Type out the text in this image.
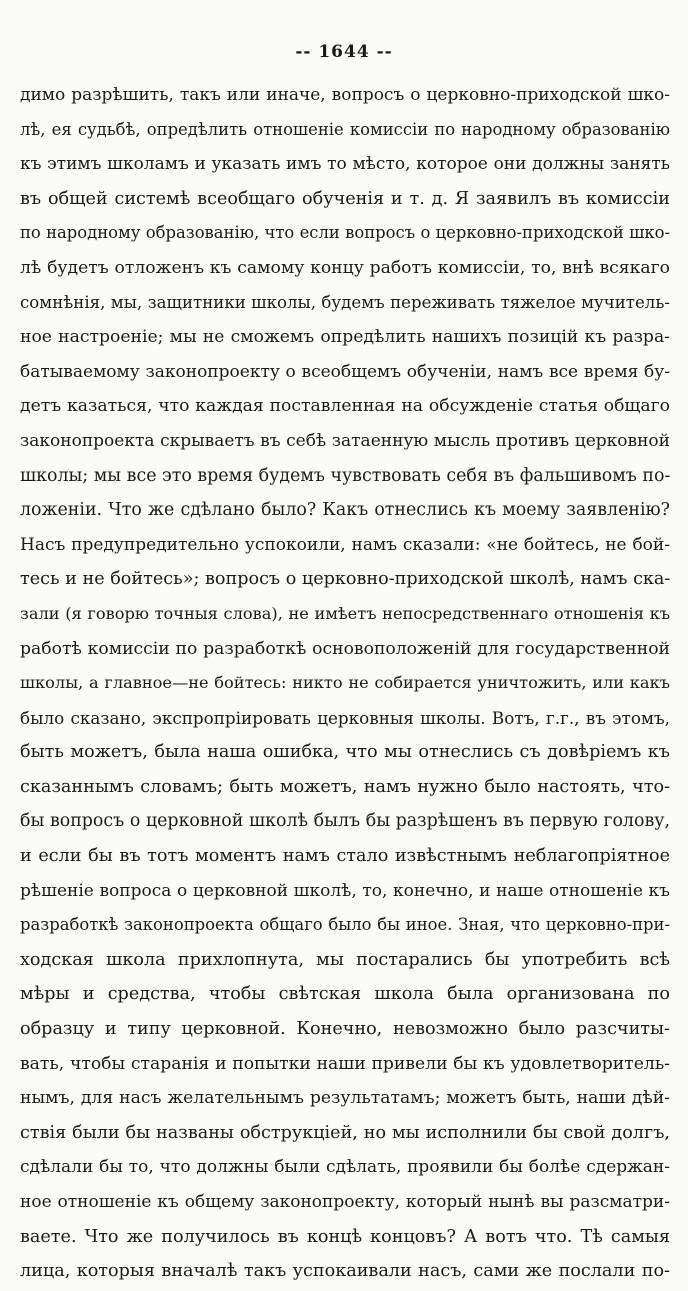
-- 1644 --
димо разрѣшить, такъ или иначе, вопросъ о церковно-приходской шко-
лѣ, ея судьбѣ, опредѣлить отношеніе комиссіи по народному образованію
къ этимъ школамъ и указать имъ то мѣсто, которое они должны занять
въ общей системѣ всеобщаго обученія и т. д. Я заявилъ въ комиссіи
по народному образованію, что если вопросъ о церковно-приходской шко-
лѣ будетъ отложенъ къ самому концу работъ комиссіи, то, внѣ всякаго
сомнѣнія, мы, защитники школы, будемъ переживать тяжелое мучитель-
ное настроеніе; мы не сможемъ опредѣлить нашихъ позицій къ разра-
батываемому законопроекту о всеобщемъ обученіи, намъ все время бу-
детъ казаться, что каждая поставленная на обсужденіе статья общаго
законопроекта скрываетъ въ себѣ затаенную мысль противъ церковной
школы; мы все это время будемъ чувствовать себя въ фальшивомъ по-
ложеніи. Что же сдѣлано было? Какъ отнеслись къ моему заявленію?
Насъ предупредительно успокоили, намъ сказали: «не бойтесь, не бой-
тесь и не бойтесь»; вопросъ о церковно-приходской школѣ, намъ ска-
зали (я говорю точныя слова), не имѣетъ непосредственнаго отношенія къ
работѣ комиссіи по разработкѣ основоположеній для государственной
школы, а главное—не бойтесь: никто не собирается уничтожить, или какъ
было сказано, экспропріировать церковныя школы. Вотъ, г.г., въ этомъ,
быть можетъ, была наша ошибка, что мы отнеслись съ довѣріемъ къ
сказаннымъ словамъ; быть можетъ, намъ нужно было настоять, что-
бы вопросъ о церковной школѣ былъ бы разрѣшенъ въ первую голову,
и если бы въ тотъ моментъ намъ стало извѣстнымъ неблагопріятное
рѣшеніе вопроса о церковной школѣ, то, конечно, и наше отношеніе къ
разработкѣ законопроекта общаго было бы иное. Зная, что церковно-при-
ходская школа прихлопнута, мы постарались бы употребить всѣ
мѣры и средства, чтобы свѣтская школа была организована по
образцу и типу церковной. Конечно, невозможно было разсчиты-
вать, чтобы старанія и попытки наши привели бы къ удовлетворитель-
нымъ, для насъ желательнымъ результатамъ; можетъ быть, наши дѣй-
ствія были бы названы обструкціей, но мы исполнили бы свой долгъ,
сдѣлали бы то, что должны были сдѣлать, проявили бы болѣе сдержан-
ное отношеніе къ общему законопроекту, который нынѣ вы разсматри-
ваете. Что же получилось въ концѣ концовъ? А вотъ что. Тѣ самыя
лица, которыя вначалѣ такъ успокаивали насъ, сами же послали по-
